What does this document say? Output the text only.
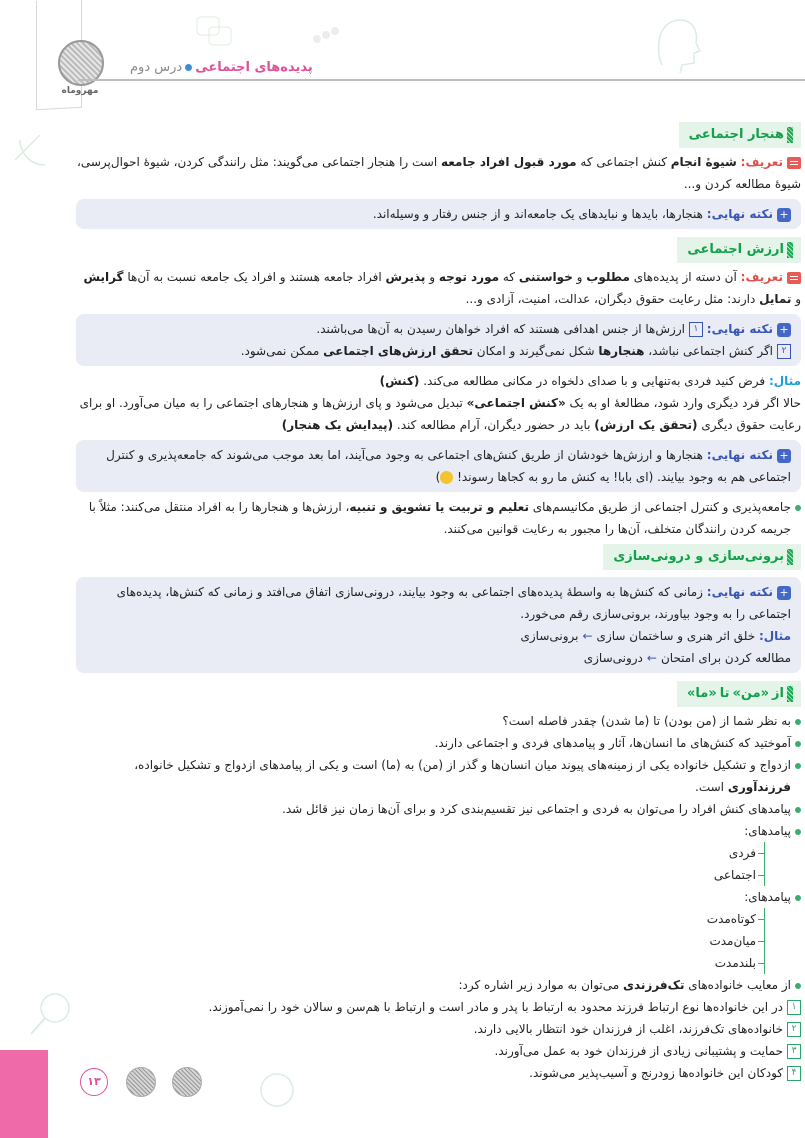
مهروماه
پدیده‌های اجتماعی
درس دوم
هنجار اجتماعی
تعریف: شیوهٔ انجام کنش اجتماعی که مورد قبول افراد جامعه است را هنجار اجتماعی می‌گویند: مثل رانندگی کردن، شیوهٔ احوال‌پرسی، شیوهٔ مطالعه کردن و...
+نکته نهایی: هنجارها، بایدها و نبایدهای یک جامعه‌اند و از جنس رفتار و وسیله‌اند.
ارزش اجتماعی
تعریف: آن دسته از پدیده‌های مطلوب و خواستنی که مورد توجه و پذیرش افراد جامعه هستند و افراد یک جامعه نسبت به آن‌ها گرایش و تمایل دارند: مثل رعایت حقوق دیگران، عدالت، امنیت، آزادی و...
+نکته نهایی: ۱ارزش‌ها از جنس اهدافی هستند که افراد خواهان رسیدن به آن‌ها می‌باشند.
۲اگر کنش اجتماعی نباشد، هنجارها شکل نمی‌گیرند و امکان تحقق ارزش‌های اجتماعی ممکن نمی‌شود.
مثال: فرض کنید فردی به‌تنهایی و با صدای دلخواه در مکانی مطالعه می‌کند. (کنش)
حالا اگر فرد دیگری وارد شود، مطالعهٔ او به یک «کنش اجتماعی» تبدیل می‌شود و پای ارزش‌ها و هنجارهای اجتماعی را به میان می‌آورد. او برای رعایت حقوق دیگری (تحقق یک ارزش) باید در حضور دیگران، آرام مطالعه کند. (پیدایش یک هنجار)
+نکته نهایی: هنجارها و ارزش‌ها خودشان از طریق کنش‌های اجتماعی به وجود می‌آیند، اما بعد موجب می‌شوند که جامعه‌پذیری و کنترل اجتماعی هم به وجود بیایند. (ای بابا! یه کنش ما رو به کجاها رسوند! )
جامعه‌پذیری و کنترل اجتماعی از طریق مکانیسم‌های تعلیم و تربیت یا تشویق و تنبیه، ارزش‌ها و هنجارها را به افراد منتقل می‌کنند: مثلاً با جریمه کردن رانندگان متخلف، آن‌ها را مجبور به رعایت قوانین می‌کنند.
برونی‌سازی و درونی‌سازی
+نکته نهایی: زمانی که کنش‌ها به واسطهٔ پدیده‌های اجتماعی به وجود بیایند، درونی‌سازی اتفاق می‌افتد و زمانی که کنش‌ها، پدیده‌های اجتماعی را به وجود بیاورند، برونی‌سازی رقم می‌خورد.
مثال: خلق اثر هنری و ساختمان سازی←برونی‌سازی
مطالعه کردن برای امتحان←درونی‌سازی
از
«من»
تا
«ما»
به نظر شما از (من بودن) تا (ما شدن) چقدر فاصله است؟
آموختید که کنش‌های ما انسان‌ها، آثار و پیامدهای فردی و اجتماعی دارند.
ازدواج و تشکیل خانواده یکی از زمینه‌های پیوند میان انسان‌ها و گذر از (من) به (ما) است و یکی از پیامدهای ازدواج و تشکیل خانواده، فرزندآوری است.
پیامدهای کنش افراد را می‌توان به فردی و اجتماعی نیز تقسیم‌بندی کرد و برای آن‌ها زمان نیز قائل شد.
پیامدهای:
فردی
اجتماعی
پیامدهای:
کوتاه‌مدت
میان‌مدت
بلندمدت
از معایب خانواده‌های تک‌فرزندی می‌توان به موارد زیر اشاره کرد:
۱در این خانواده‌ها نوع ارتباط فرزند محدود به ارتباط با پدر و مادر است و ارتباط با هم‌سن و سالان خود را نمی‌آموزند.
۲خانواده‌های تک‌فرزند، اغلب از فرزندان خود انتظار بالایی دارند.
۳حمایت و پشتیبانی زیادی از فرزندان خود به عمل می‌آورند.
۴کودکان این خانواده‌ها زودرنج و آسیب‌پذیر می‌شوند.
۱۳
